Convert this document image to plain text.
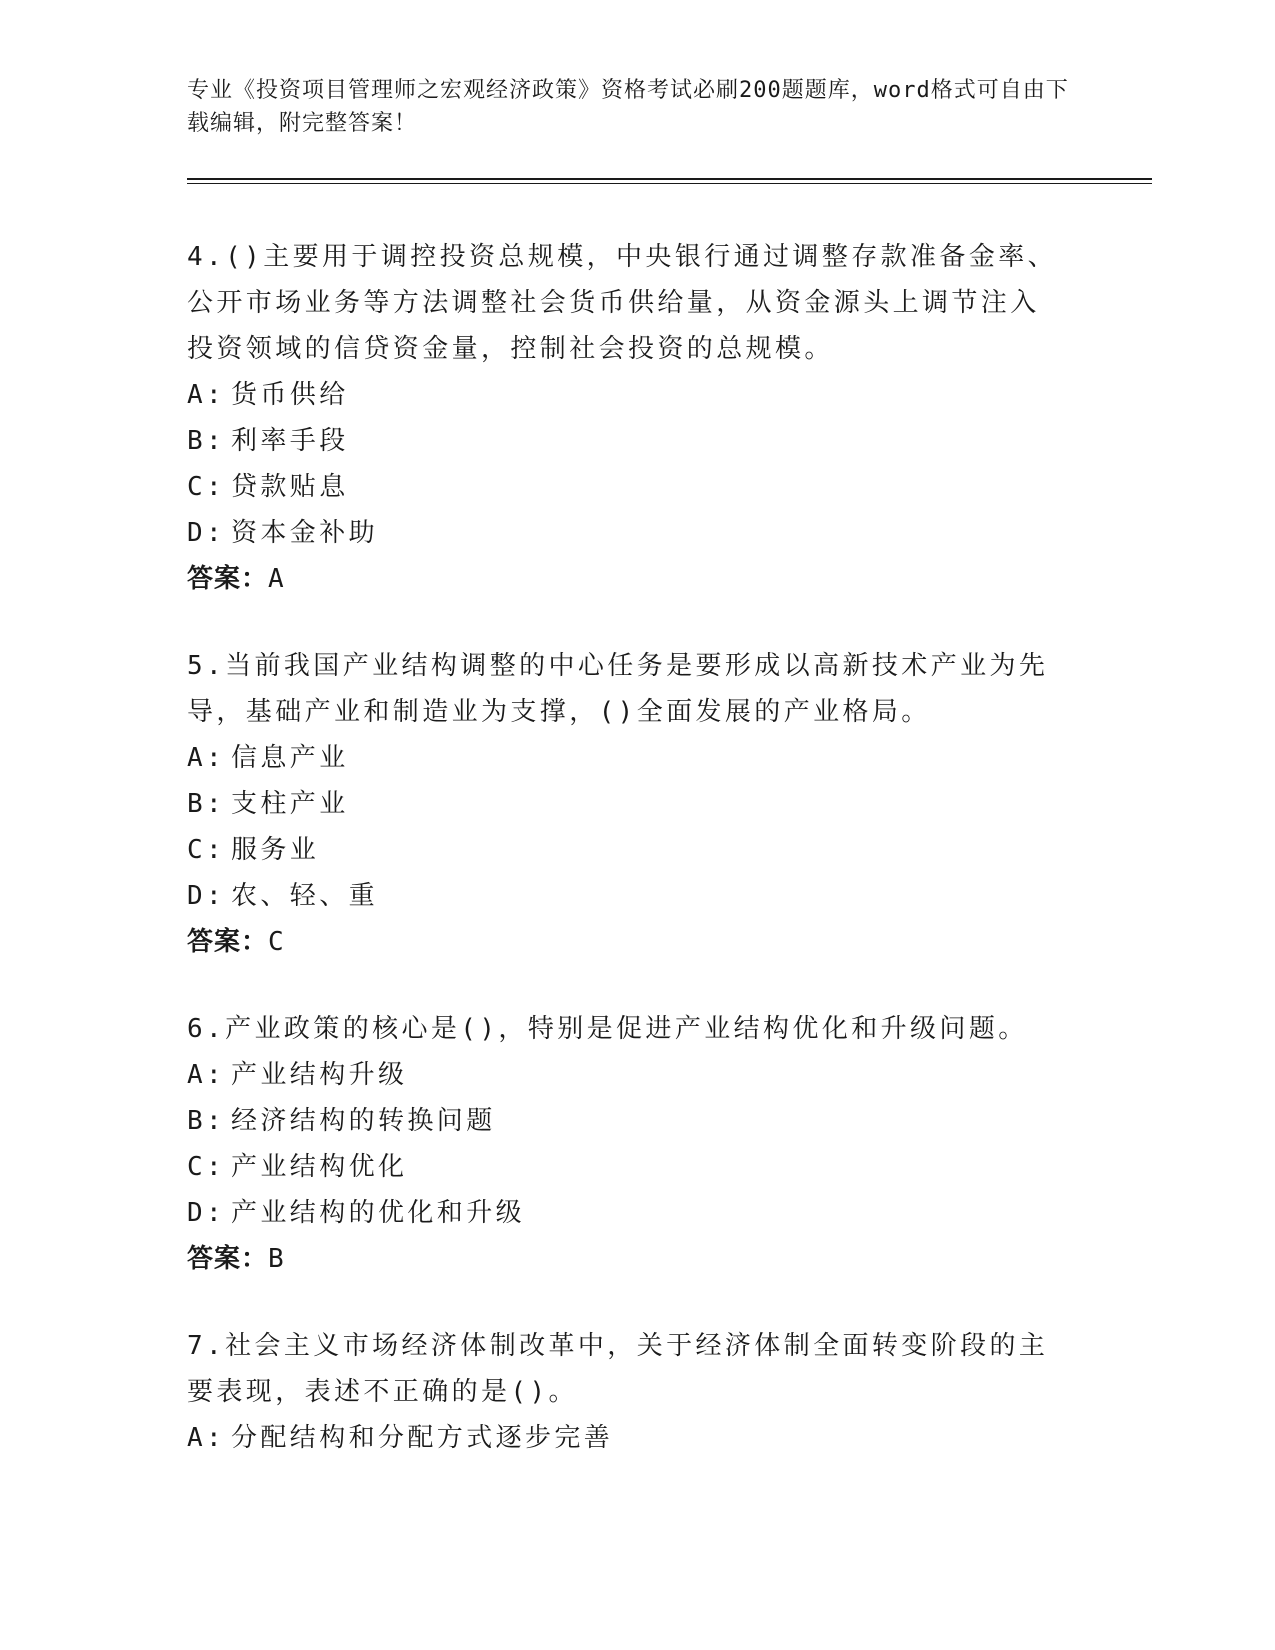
专业《投资项目管理师之宏观经济政策》资格考试必刷200题题库，word格式可自由下载编辑，附完整答案！

4.()主要用于调控投资总规模，中央银行通过调整存款准备金率、公开市场业务等方法调整社会货币供给量，从资金源头上调节注入投资领域的信贷资金量，控制社会投资的总规模。

A: 货币供给

B: 利率手段

C: 贷款贴息

D: 资本金补助

答案：A

5.当前我国产业结构调整的中心任务是要形成以高新技术产业为先导，基础产业和制造业为支撑，()全面发展的产业格局。

A: 信息产业

B: 支柱产业

C: 服务业

D: 农、轻、重

答案：C

6.产业政策的核心是()，特别是促进产业结构优化和升级问题。

A: 产业结构升级

B: 经济结构的转换问题

C: 产业结构优化

D: 产业结构的优化和升级

答案：B

7.社会主义市场经济体制改革中，关于经济体制全面转变阶段的主要表现，表述不正确的是()。

A: 分配结构和分配方式逐步完善
